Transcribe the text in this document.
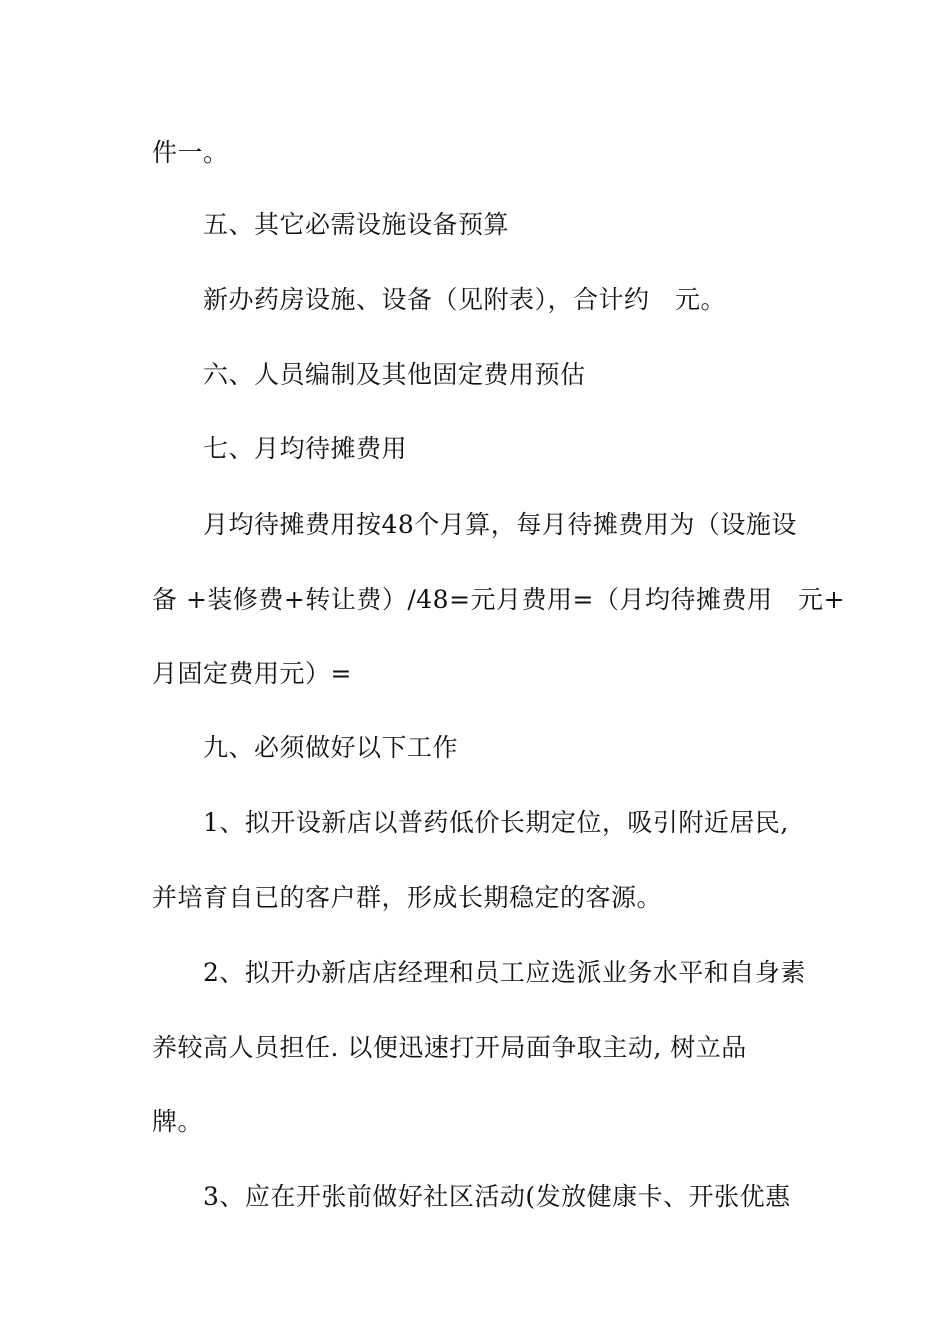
件一。
五、其它必需设施设备预算
新办药房设施、设备（见附表），合计约　元。
六、人员编制及其他固定费用预估
七、月均待摊费用
月均待摊费用按48个月算，每月待摊费用为（设施设
备 +装修费+转让费）/48=元月费用=（月均待摊费用　元+
月固定费用元）=
九、必须做好以下工作
1、拟开设新店以普药低价长期定位，吸引附近居民,
并培育自已的客户群，形成长期稳定的客源。
2、拟开办新店店经理和员工应选派业务水平和自身素
养较高人员担任. 以便迅速打开局面争取主动, 树立品
牌。
3、应在开张前做好社区活动(发放健康卡、开张优惠
